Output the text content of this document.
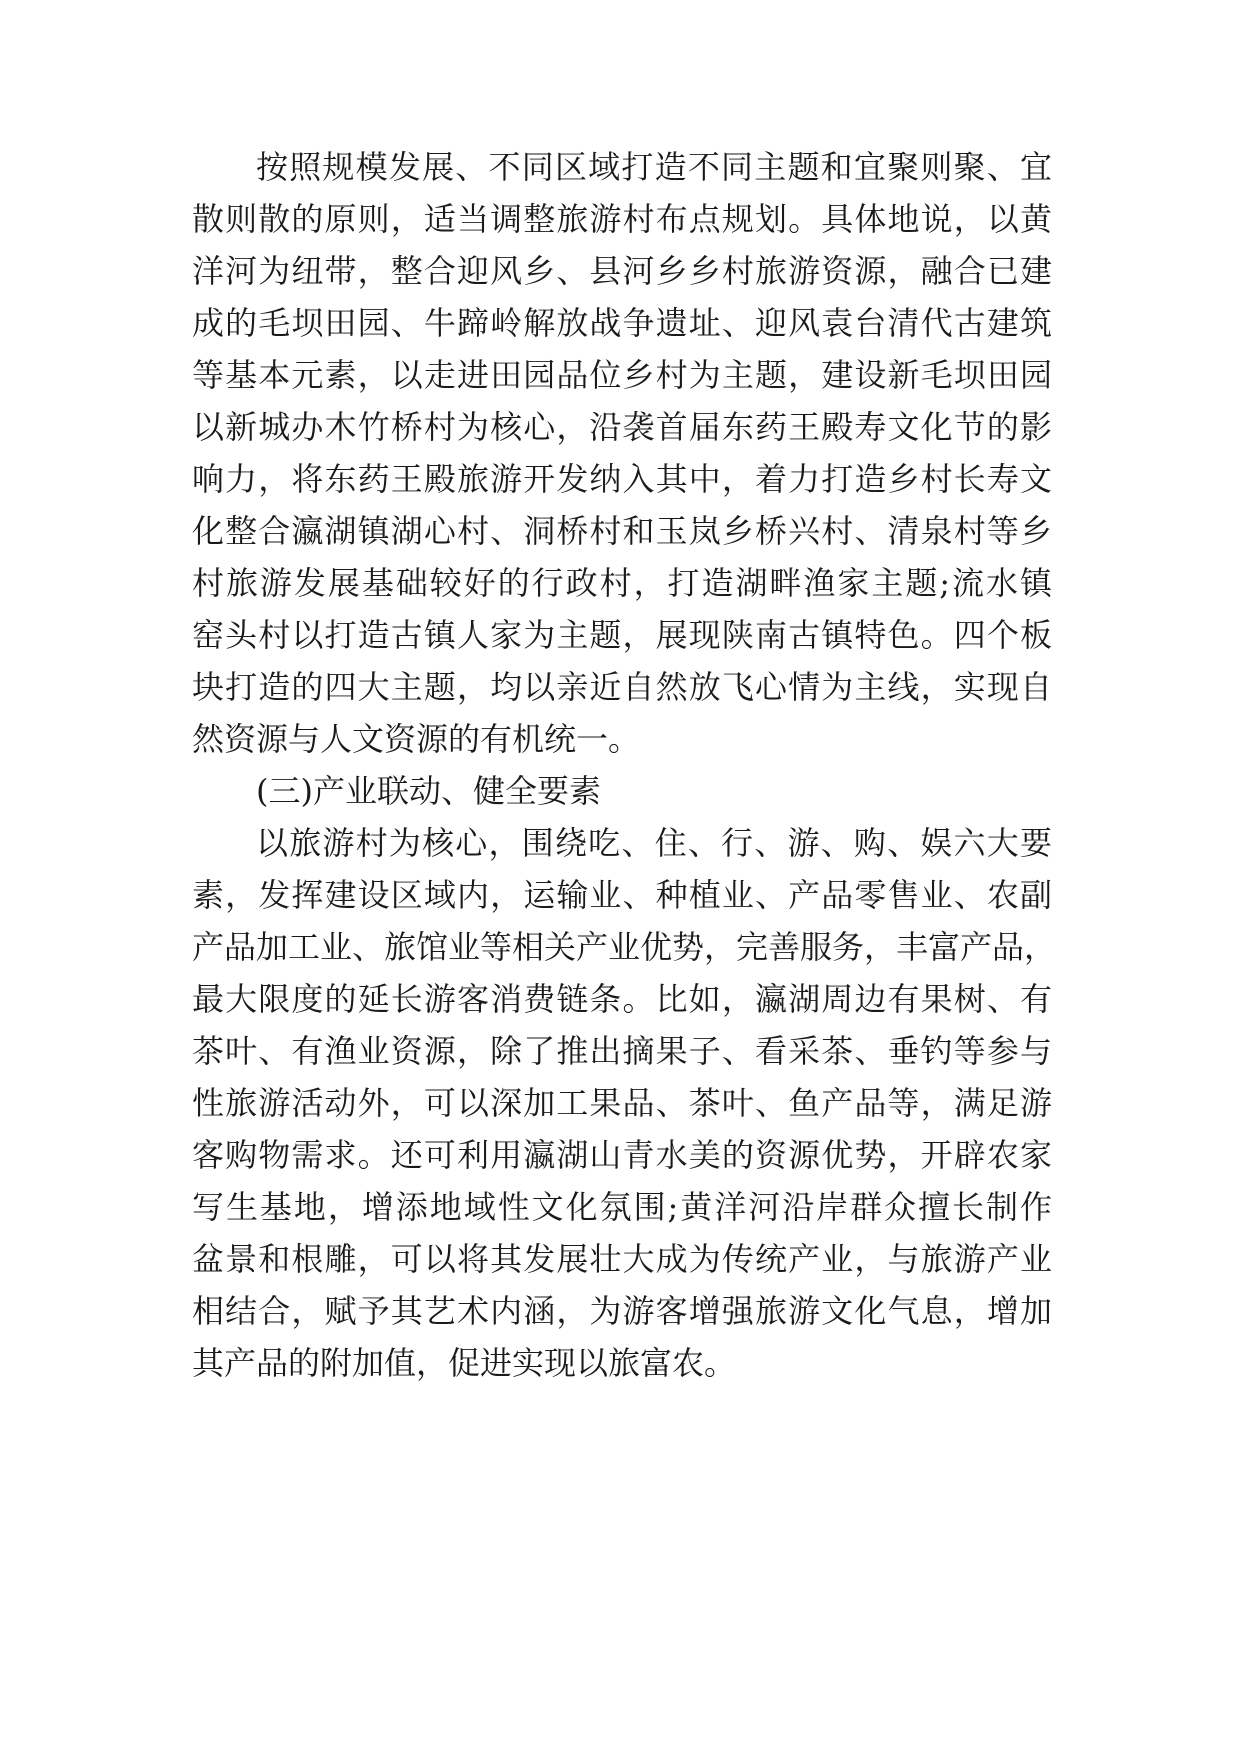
按照规模发展、不同区域打造不同主题和宜聚则聚、宜
散则散的原则，适当调整旅游村布点规划。具体地说，以黄
洋河为纽带，整合迎风乡、县河乡乡村旅游资源，融合已建
成的毛坝田园、牛蹄岭解放战争遗址、迎风袁台清代古建筑
等基本元素，以走进田园品位乡村为主题，建设新毛坝田园
以新城办木竹桥村为核心，沿袭首届东药王殿寿文化节的影
响力，将东药王殿旅游开发纳入其中，着力打造乡村长寿文
化整合瀛湖镇湖心村、洞桥村和玉岚乡桥兴村、清泉村等乡
村旅游发展基础较好的行政村，打造湖畔渔家主题;流水镇
窑头村以打造古镇人家为主题，展现陕南古镇特色。四个板
块打造的四大主题，均以亲近自然放飞心情为主线，实现自
然资源与人文资源的有机统一。
(三)产业联动、健全要素
以旅游村为核心，围绕吃、住、行、游、购、娱六大要
素，发挥建设区域内，运输业、种植业、产品零售业、农副
产品加工业、旅馆业等相关产业优势，完善服务，丰富产品，
最大限度的延长游客消费链条。比如，瀛湖周边有果树、有
茶叶、有渔业资源，除了推出摘果子、看采茶、垂钓等参与
性旅游活动外，可以深加工果品、茶叶、鱼产品等，满足游
客购物需求。还可利用瀛湖山青水美的资源优势，开辟农家
写生基地，增添地域性文化氛围;黄洋河沿岸群众擅长制作
盆景和根雕，可以将其发展壮大成为传统产业，与旅游产业
相结合，赋予其艺术内涵，为游客增强旅游文化气息，增加
其产品的附加值，促进实现以旅富农。
